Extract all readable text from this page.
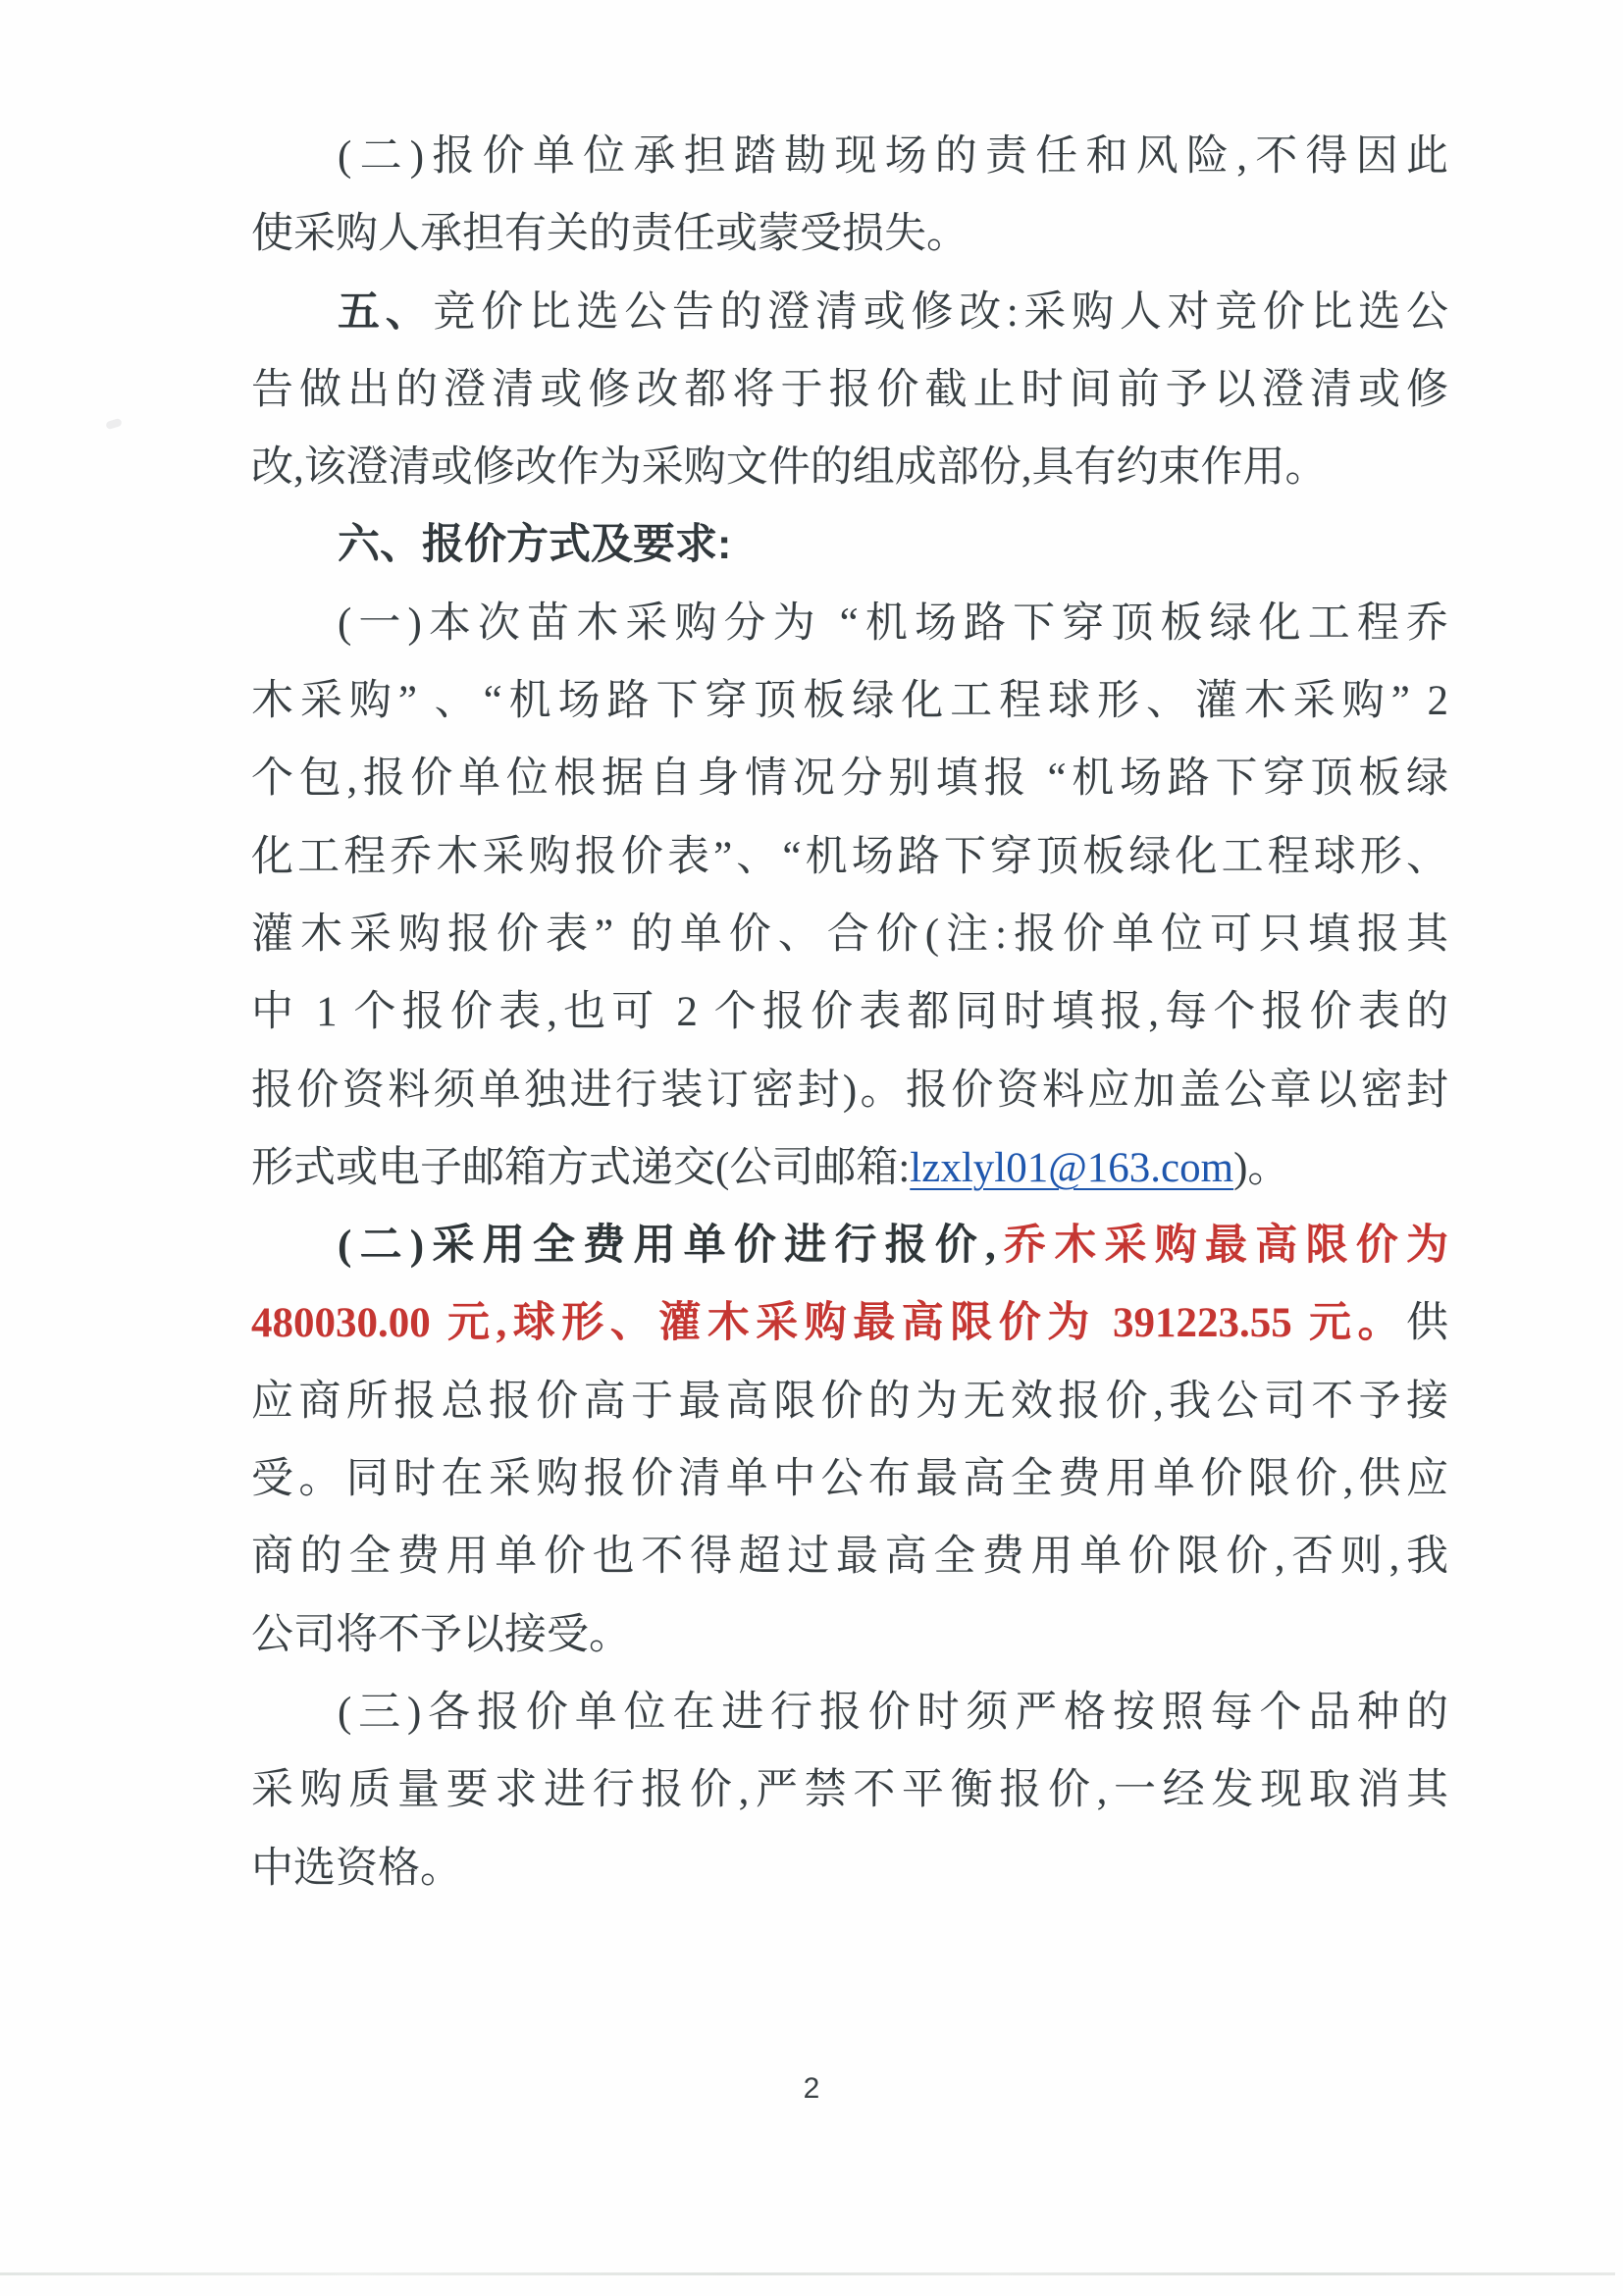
(二)报价单位承担踏勘现场的责任和风险,不得因此
使采购人承担有关的责任或蒙受损失。
五、竞价比选公告的澄清或修改:采购人对竞价比选公
告做出的澄清或修改都将于报价截止时间前予以澄清或修
改,该澄清或修改作为采购文件的组成部份,具有约束作用。
六、报价方式及要求:
(一)本次苗木采购分为 “机场路下穿顶板绿化工程乔
木采购” 、“机场路下穿顶板绿化工程球形、灌木采购” 2
个包,报价单位根据自身情况分别填报 “机场路下穿顶板绿
化工程乔木采购报价表”、“机场路下穿顶板绿化工程球形、
灌木采购报价表” 的单价、合价(注:报价单位可只填报其
中 1 个报价表,也可 2 个报价表都同时填报,每个报价表的
报价资料须单独进行装订密封)。报价资料应加盖公章以密封
形式或电子邮箱方式递交(公司邮箱:lzxlyl01@163.com)。
(二)采用全费用单价进行报价,乔木采购最高限价为
480030.00 元,球形、灌木采购最高限价为 391223.55 元。供
应商所报总报价高于最高限价的为无效报价,我公司不予接
受。同时在采购报价清单中公布最高全费用单价限价,供应
商的全费用单价也不得超过最高全费用单价限价,否则,我
公司将不予以接受。
(三)各报价单位在进行报价时须严格按照每个品种的
采购质量要求进行报价,严禁不平衡报价,一经发现取消其
中选资格。
2
